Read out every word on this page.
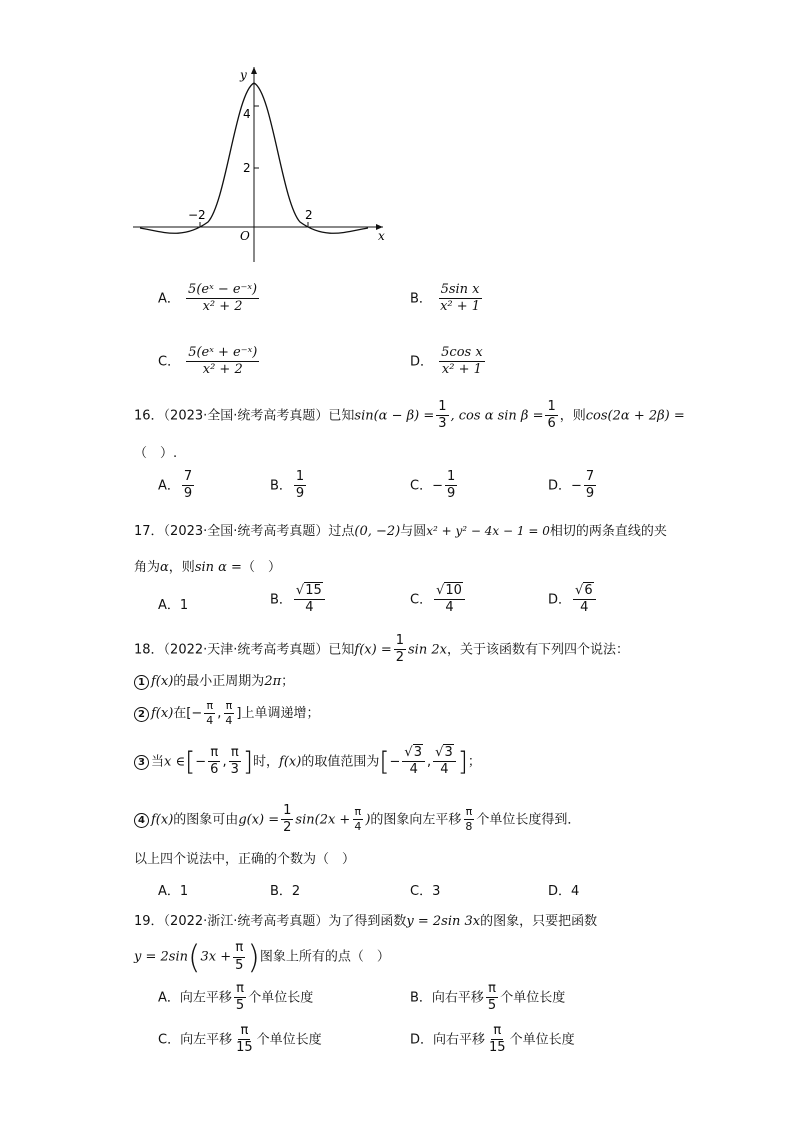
y
x
O
4
2
−2	2
A． $\frac{\text{5(eˣ − e⁻ˣ)}}{\text{x² + 2}}$	B． $\frac{\text{5sin x}}{\text{x² + 1}}$
C． $\frac{\text{5(eˣ + e⁻ˣ)}}{\text{x² + 2}}$	D． $\frac{\text{5cos x}}{\text{x² + 1}}$
16．（2023·全国·统考高考真题）已知$\sin(\alpha - \beta) = \frac{1}{3}$ , cos α $\sin \beta = \frac{1}{6}$ ，则cos(2α + 2β) =
（　）.
A． $\frac{7}{9}$	B． $\frac{1}{9}$	C．− $\frac{1}{9}$	D．− $\frac{7}{9}$
17．（2023·全国·统考高考真题）过点(0, −2)与圆x² + y² − 4x − 1 = 0相切的两条直线的夹
角为α，则sin α =（　）
A．1	B． $\frac{√15}{4}$	C． $\frac{√10}{4}$	D． $\frac{√6}{4}$
18．（2022·天津·统考高考真题）已知$f(x) = \frac{1}{2}$ sin 2x，关于该函数有下列四个说法：
1 f(x)的最小正周期为2π；
2 f(x)在[− $\frac{\pi}{4}$ , $\frac{\pi}{4}$ ]上单调递增；
3 当x ∈[− $\frac{\pi}{6}$ , $\frac{\pi}{3}$ ]时，f(x)的取值范围为[− $\frac{√3}{4}$ , $\frac{√3}{4}$ ]；
4 f(x)的图象可由$g(x) = \frac{1}{2} \sin(2x + \frac{\pi}{4}$ )的图象向左平移 $\frac{\pi}{8}$ 个单位长度得到．
以上四个说法中，正确的个数为（　）
A．1	B．2	C．3	D．4
19．（2022·浙江·统考高考真题）为了得到函数y = 2sin 3x的图象，只要把函数
$y = 2\sin(3x + \frac{\pi}{5}$ )图象上所有的点（　）
A．向左平移 $\frac{\pi}{5}$ 个单位长度	B．向右平移 $\frac{\pi}{5}$ 个单位长度
C．向左平移 $\frac{\pi}{15}$ 个单位长度	D．向右平移 $\frac{\pi}{15}$ 个单位长度
